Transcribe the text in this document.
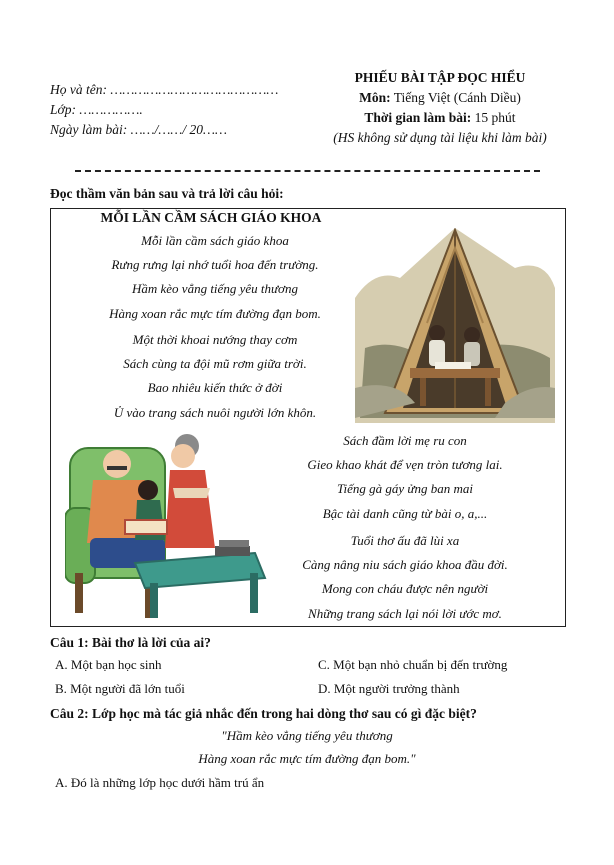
Họ và tên: ……………………………………
Lớp: …………….
Ngày làm bài: ……/……/ 20……
PHIẾU BÀI TẬP ĐỌC HIỂU
Môn: Tiếng Việt (Cánh Diều)
Thời gian làm bài: 15 phút
(HS không sử dụng tài liệu khi làm bài)
Đọc thầm văn bản sau và trả lời câu hỏi:
MỖI LẦN CẦM SÁCH GIÁO KHOA
Mỗi lần cầm sách giáo khoa
Rưng rưng lại nhớ tuổi hoa đến trường.
Hầm kèo vẳng tiếng yêu thương
Hàng xoan rắc mực tím đường đạn bom.
Một thời khoai nướng thay cơm
Sách cùng ta đội mũ rơm giữa trời.
Bao nhiêu kiến thức ở đời
Ủ vào trang sách nuôi người lớn khôn.
Sách đầm lời mẹ ru con
Gieo khao khát để vẹn tròn tương lai.
Tiếng gà gáy ửng ban mai
Bậc tài danh cũng từ bài o, a,...
Tuổi thơ ấu đã lùi xa
Càng nâng niu sách giáo khoa đầu đời.
Mong con cháu được nên người
Những trang sách lại nói lời ước mơ.
Câu 1: Bài thơ là lời của ai?
A. Một bạn học sinh	C. Một bạn nhỏ chuẩn bị đến trường
B. Một người đã lớn tuổi	D. Một người trưởng thành
Câu 2: Lớp học mà tác giả nhắc đến trong hai dòng thơ sau có gì đặc biệt?
"Hầm kèo vẳng tiếng yêu thương
Hàng xoan rắc mực tím đường đạn bom."
A. Đó là những lớp học dưới hầm trú ẩn
